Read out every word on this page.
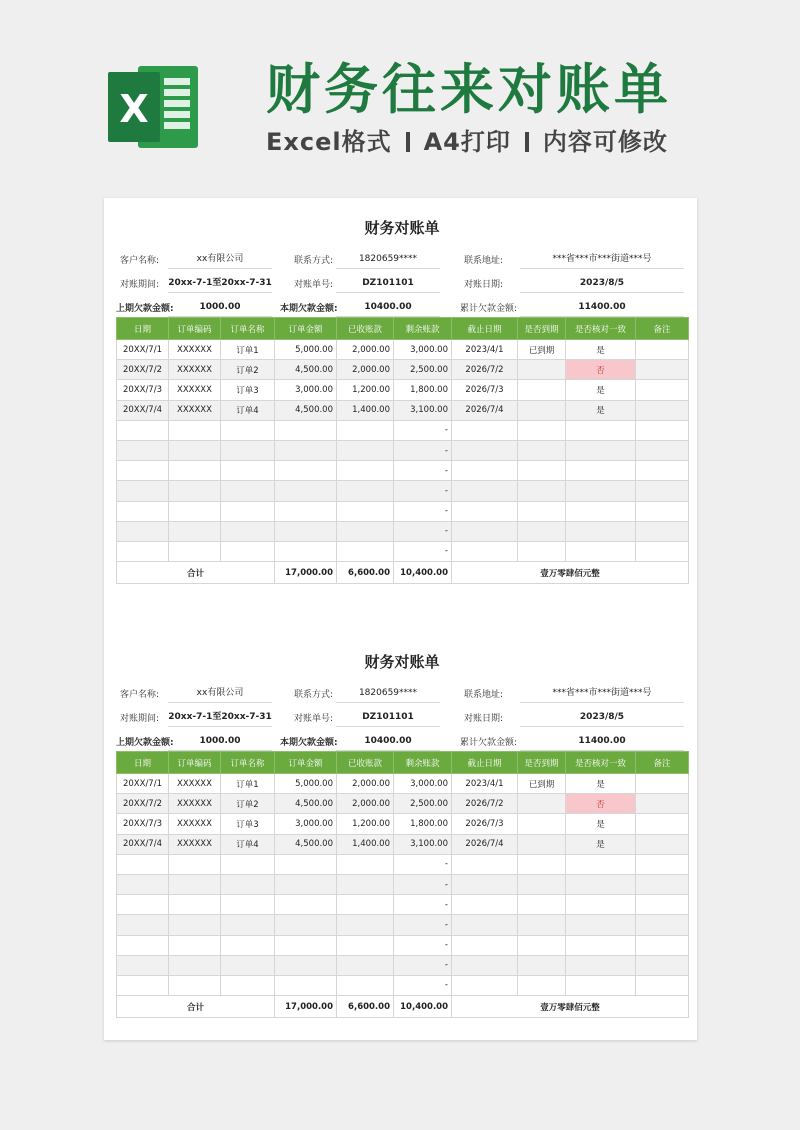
X 财务往来对账单
Excel格式 A4打印 内容可修改
财务对账单
客户名称:	xx有限公司	联系方式:	1820659****	联系地址:	***省***市***街道***号
对账期间: 20xx-7-1至20xx-7-31 对账单号:	DZ101101	对账日期:	2023/8/5
上期欠款金额:	1000.00	本期欠款金额:	10400.00	累计欠款金额:	11400.00
日期	订单编码	订单名称	订单金额	已收账款	剩余账款	截止日期	是否到期	是否核对一致	备注
20XX/7/1	XXXXXX	订单1	5,000.00	2,000.00	3,000.00	2023/4/1	已到期	是	
20XX/7/2	XXXXXX	订单2	4,500.00	2,000.00	2,500.00	2026/7/2		否	
20XX/7/3	XXXXXX	订单3	3,000.00	1,200.00	1,800.00	2026/7/3		是	
20XX/7/4	XXXXXX	订单4	4,500.00	1,400.00	3,100.00	2026/7/4		是	
					-				
					-				
					-				
					-				
					-				
					-				
					-				
合计			17,000.00	6,600.00	10,400.00	壹万零肆佰元整			
财务对账单
客户名称:	xx有限公司	联系方式:	1820659****	联系地址:	***省***市***街道***号
对账期间: 20xx-7-1至20xx-7-31 对账单号:	DZ101101	对账日期:	2023/8/5
上期欠款金额:	1000.00	本期欠款金额:	10400.00	累计欠款金额:	11400.00
日期	订单编码	订单名称	订单金额	已收账款	剩余账款	截止日期	是否到期	是否核对一致	备注
20XX/7/1	XXXXXX	订单1	5,000.00	2,000.00	3,000.00	2023/4/1	已到期	是	
20XX/7/2	XXXXXX	订单2	4,500.00	2,000.00	2,500.00	2026/7/2		否	
20XX/7/3	XXXXXX	订单3	3,000.00	1,200.00	1,800.00	2026/7/3		是	
20XX/7/4	XXXXXX	订单4	4,500.00	1,400.00	3,100.00	2026/7/4		是	
					-				
					-				
					-				
					-				
					-				
					-				
					-				
合计			17,000.00	6,600.00	10,400.00	壹万零肆佰元整			
